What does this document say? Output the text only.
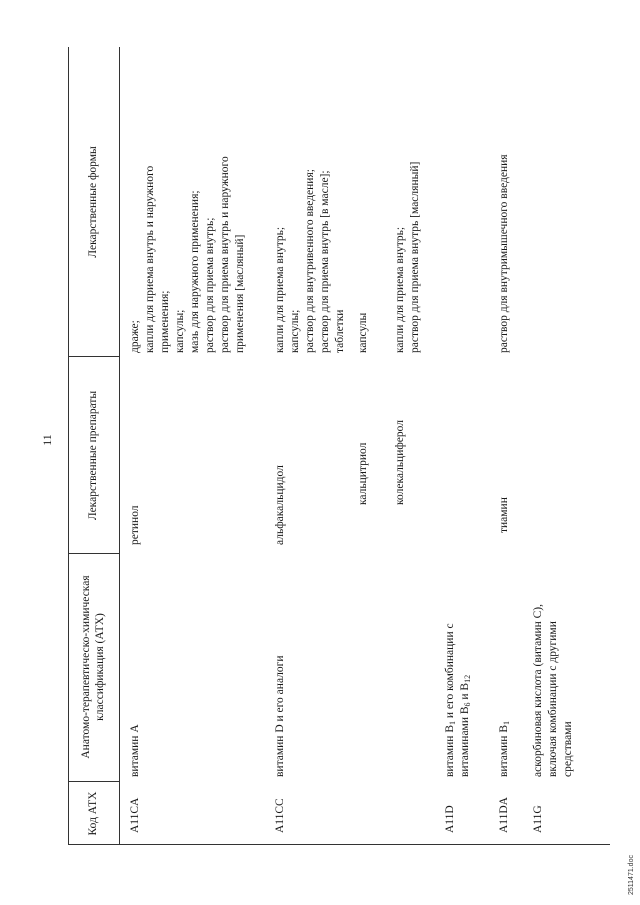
11
Код АТХ
Анатомо-терапевтическо-химическая классификация (АТХ)
Лекарственные препараты
Лекарственные формы
A11CA
витамин A
ретинол
драже;
капли для приема внутрь и наружного
применения;
капсулы;
мазь для наружного применения;
раствор для приема внутрь;
раствор для приема внутрь и наружного
применения [масляный]
A11CC
витамин D и его аналоги
альфакальцидол
капли для приема внутрь;
капсулы;
раствор для внутривенного введения;
раствор для приема внутрь [в масле];
таблетки
кальцитриол
капсулы
колекальциферол
капли для приема внутрь;
раствор для приема внутрь [масляный]
A11D
витамин $B_1$ и его комбинации с
витаминами $B_6$ и $B_{12}$
A11DA
витамин $B_1$
тиамин
раствор для внутримышечного введения
A11G
аскорбиновая кислота (витамин C),
включая комбинации с другими
средствами
2511471.doc
